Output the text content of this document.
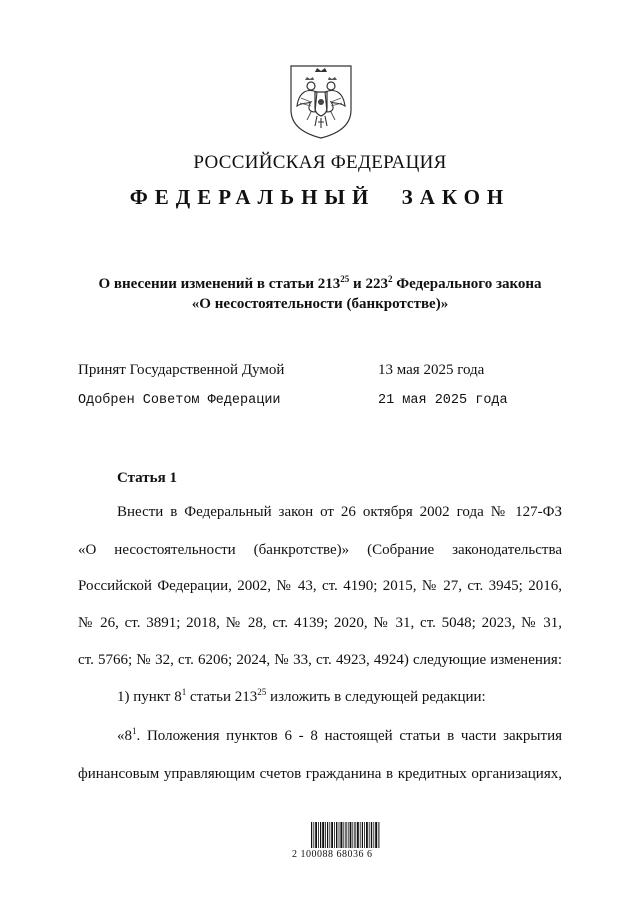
РОССИЙСКАЯ ФЕДЕРАЦИЯ
ФЕДЕРАЛЬНЫЙ ЗАКОН
О внесении изменений в статьи $213^{25}$ и $223^2$ Федерального закона
«О несостоятельности (банкротстве)»
Принят Государственной Думой	13 мая 2025 года
Одобрен Советом Федерации	21 мая 2025 года
Статья 1
Внести в Федеральный закон от 26 октября 2002 года № 127-ФЗ
«О несостоятельности (банкротстве)» (Собрание законодательства
Российской Федерации, 2002, № 43, ст. 4190; 2015, № 27, ст. 3945; 2016,
№ 26, ст. 3891; 2018, № 28, ст. 4139; 2020, № 31, ст. 5048; 2023, № 31,
ст. 5766; № 32, ст. 6206; 2024, № 33, ст. 4923, 4924) следующие изменения:
1) пункт $8^1$ статьи $213^{25}$ изложить в следующей редакции:
«$8^1$. Положения пунктов 6 - 8 настоящей статьи в части закрытия
финансовым управляющим счетов гражданина в кредитных организациях,
2 100088 68036 6
